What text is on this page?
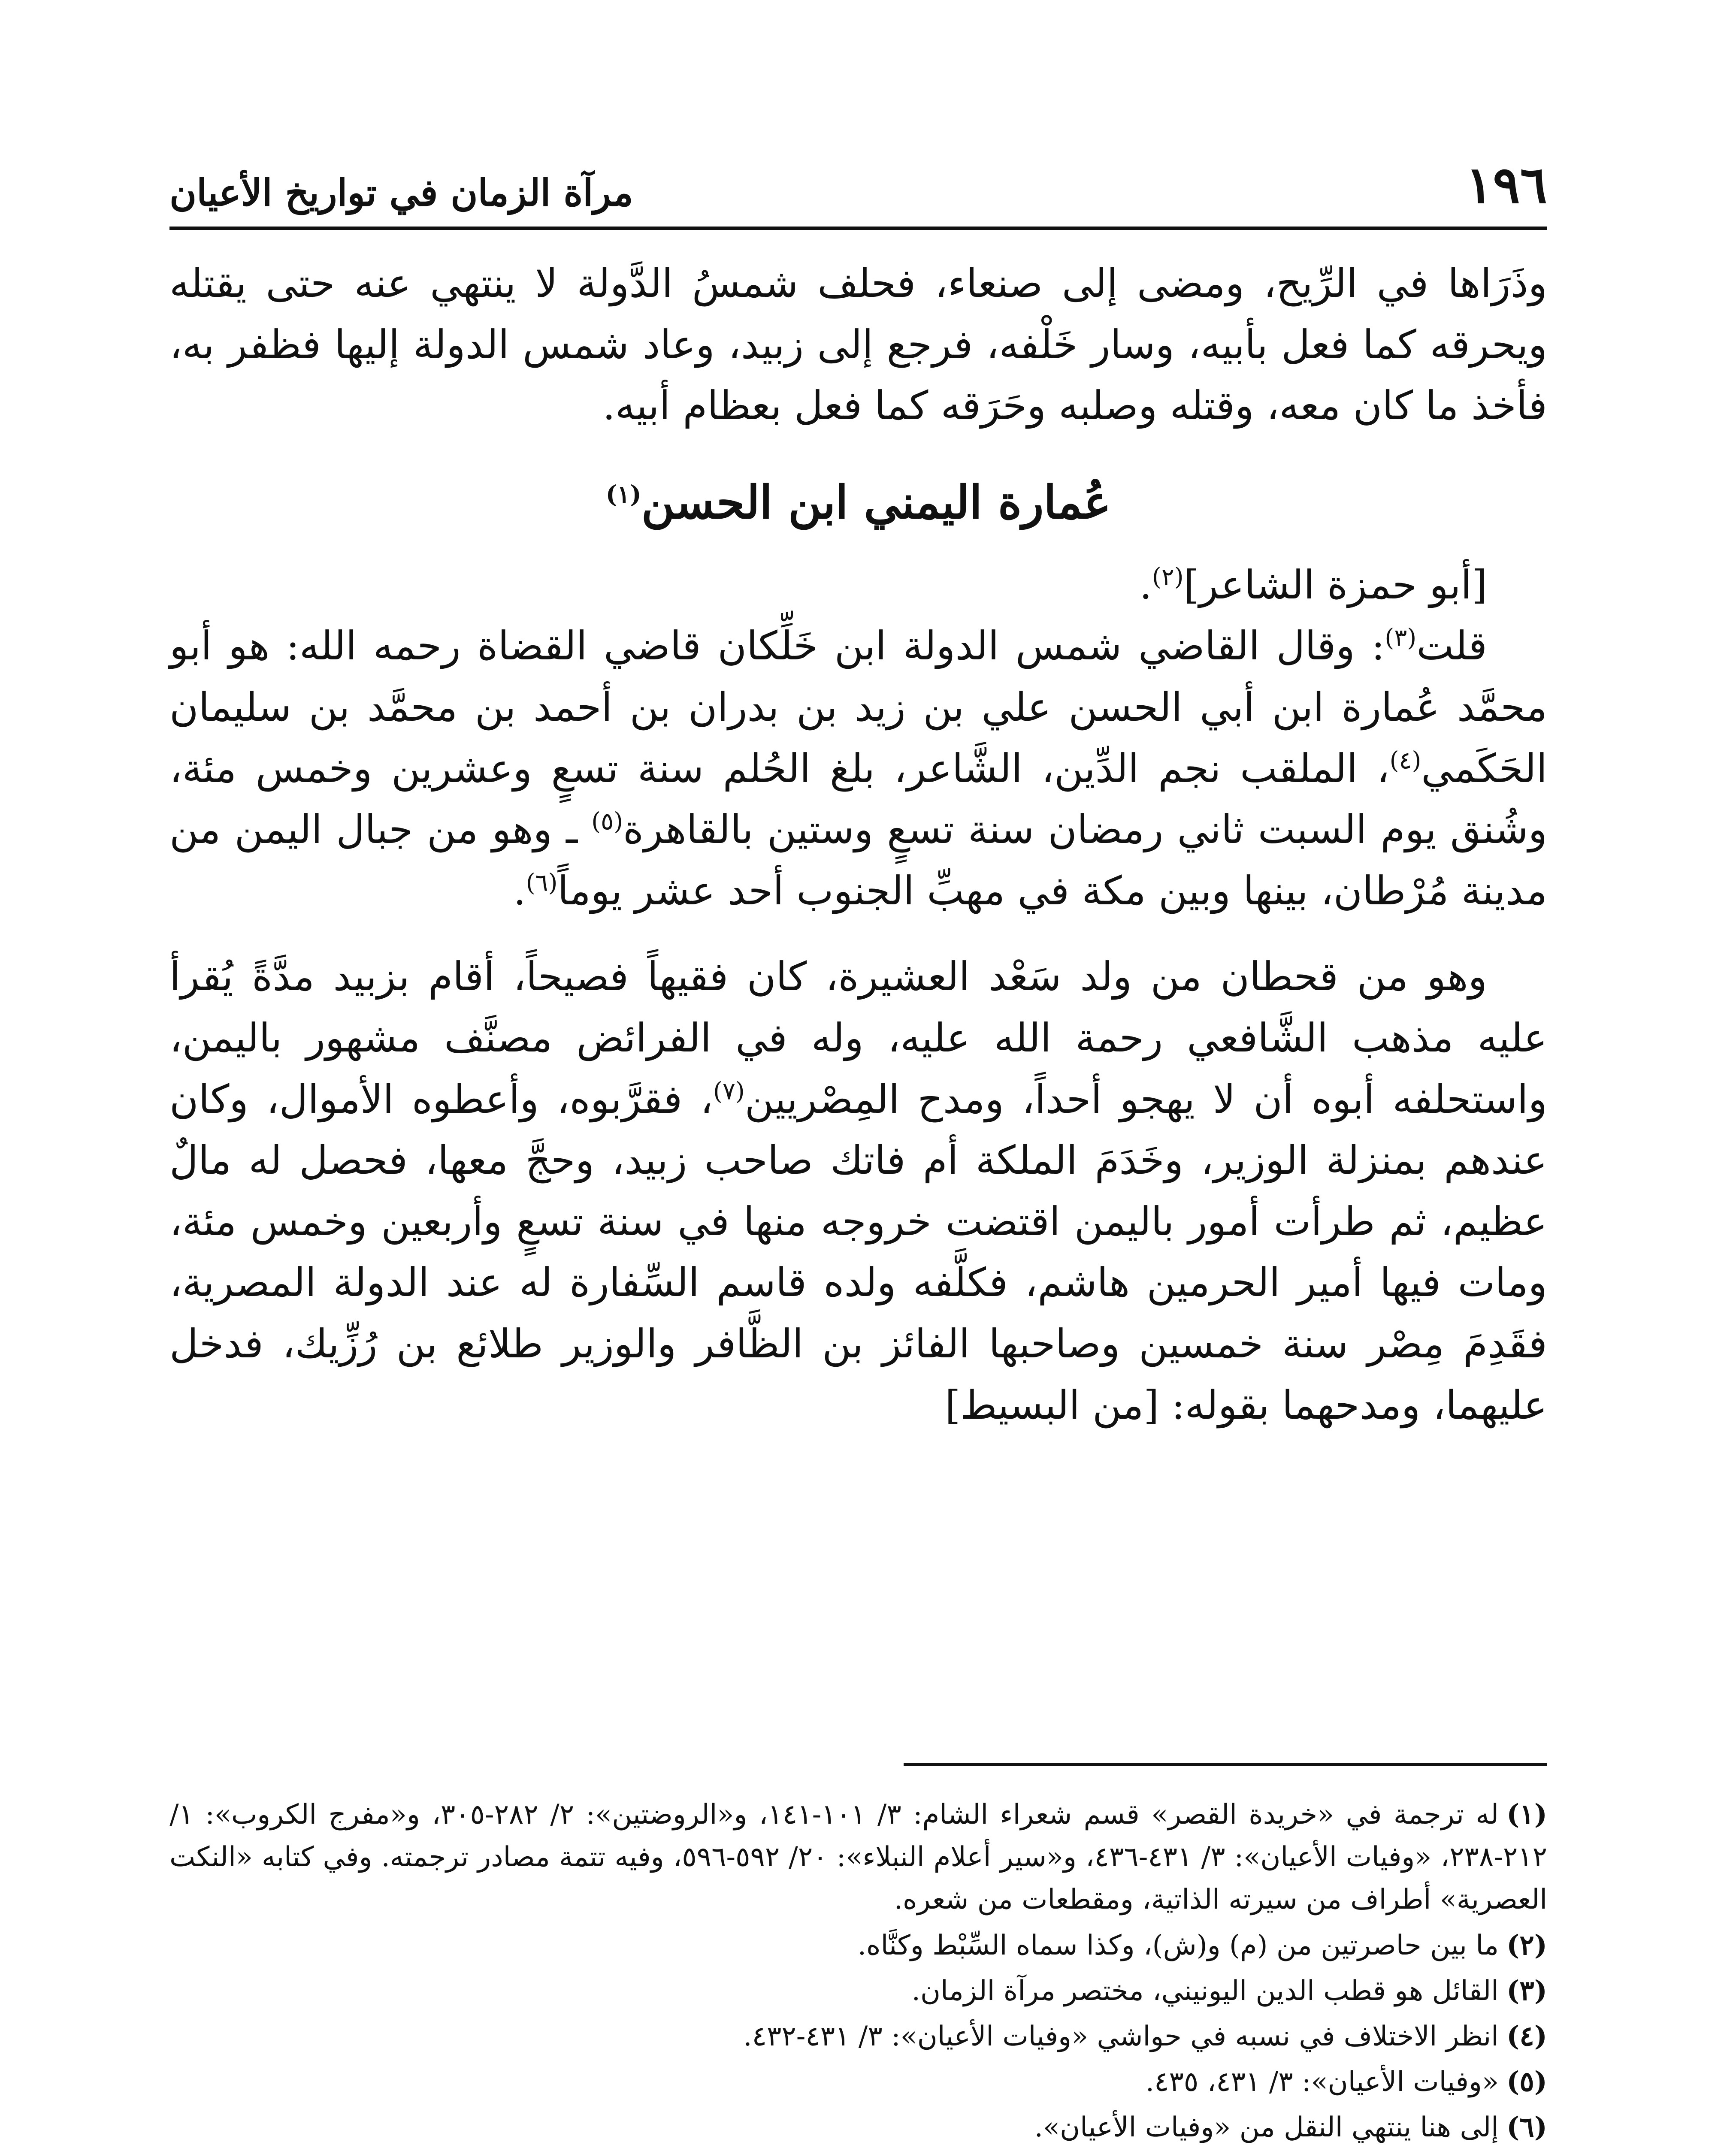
١٩٦
مرآة الزمان في تواريخ الأعيان

وذَرَاها في الرِّيح، ومضى إلى صنعاء، فحلف شمسُ الدَّولة لا ينتهي عنه حتى يقتله ويحرقه كما فعل بأبيه، وسار خَلْفه، فرجع إلى زبيد، وعاد شمس الدولة إليها فظفر به، فأخذ ما كان معه، وقتله وصلبه وحَرَقه كما فعل بعظام أبيه.

عُمارة اليمني ابن الحسن$^{(١)}$

[أبو حمزة الشاعر]$^{(٢)}$.

قلت$^{(٣)}$: وقال القاضي شمس الدولة ابن خَلِّكان قاضي القضاة رحمه الله: هو أبو محمَّد عُمارة ابن أبي الحسن علي بن زيد بن بدران بن أحمد بن محمَّد بن سليمان الحَكَمي$^{(٤)}$، الملقب نجم الدِّين، الشَّاعر، بلغ الحُلم سنة تسعٍ وعشرين وخمس مئة، وشُنق يوم السبت ثاني رمضان سنة تسعٍ وستين بالقاهرة$^{(٥)}$ ـ وهو من جبال اليمن من مدينة مُرْطان، بينها وبين مكة في مهبِّ الجنوب أحد عشر يوماً$^{(٦)}$.

وهو من قحطان من ولد سَعْد العشيرة، كان فقيهاً فصيحاً، أقام بزبيد مدَّةً يُقرأ عليه مذهب الشَّافعي رحمة الله عليه، وله في الفرائض مصنَّف مشهور باليمن، واستحلفه أبوه أن لا يهجو أحداً، ومدح المِصْريين$^{(٧)}$، فقرَّبوه، وأعطوه الأموال، وكان عندهم بمنزلة الوزير، وخَدَمَ الملكة أم فاتك صاحب زبيد، وحجَّ معها، فحصل له مالٌ عظيم، ثم طرأت أمور باليمن اقتضت خروجه منها في سنة تسعٍ وأربعين وخمس مئة، ومات فيها أمير الحرمين هاشم، فكلَّفه ولده قاسم السِّفارة له عند الدولة المصرية، فقَدِمَ مِصْر سنة خمسين وصاحبها الفائز بن الظَّافر والوزير طلائع بن رُزِّيك، فدخل عليهما، ومدحهما بقوله: [من البسيط]

(١)له ترجمة في «خريدة القصر» قسم شعراء الشام: ٣/ ١٠١-١٤١، و«الروضتين»: ٢/ ٢٨٢-٣٠٥، و«مفرج الكروب»: ١/ ٢١٢-٢٣٨، «وفيات الأعيان»: ٣/ ٤٣١-٤٣٦، و«سير أعلام النبلاء»: ٢٠/ ٥٩٢-٥٩٦، وفيه تتمة مصادر ترجمته. وفي كتابه «النكت العصرية» أطراف من سيرته الذاتية، ومقطعات من شعره.

(٢)ما بين حاصرتين من (م) و(ش)، وكذا سماه السِّبْط وكنَّاه.

(٣)القائل هو قطب الدين اليونيني، مختصر مرآة الزمان.

(٤)انظر الاختلاف في نسبه في حواشي «وفيات الأعيان»: ٣/ ٤٣١-٤٣٢.

(٥)«وفيات الأعيان»: ٣/ ٤٣١، ٤٣٥.

(٦)إلى هنا ينتهي النقل من «وفيات الأعيان».
